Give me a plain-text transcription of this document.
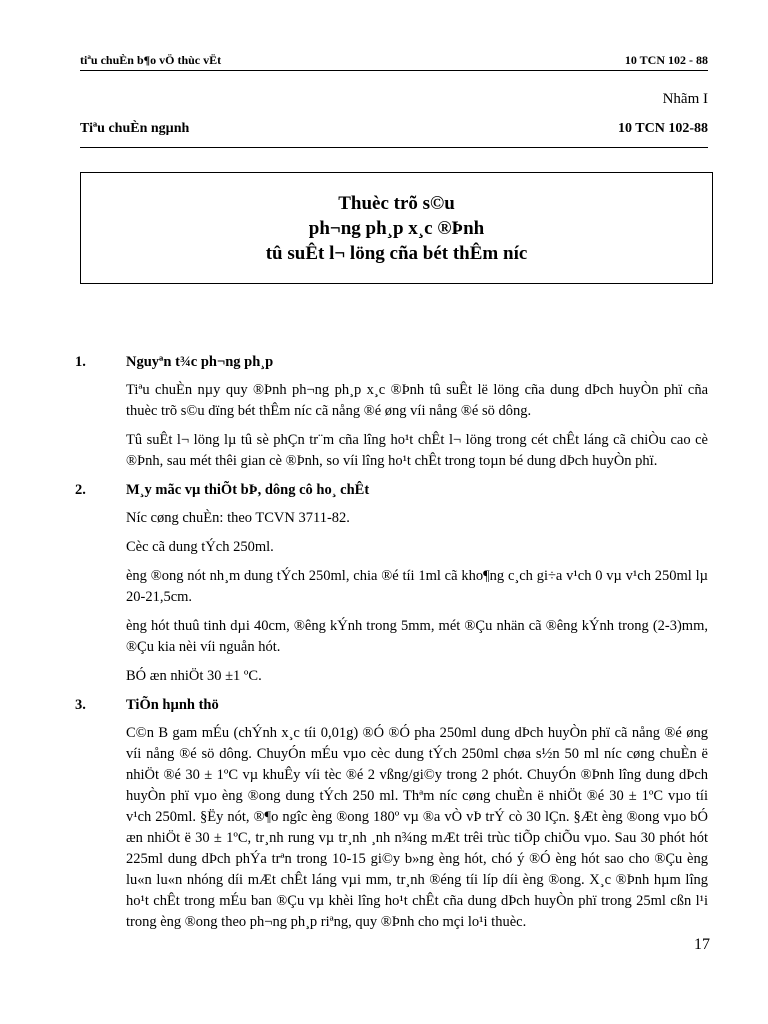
tiªu chuÈn b¶o vÖ thùc vËt	10 TCN 102 - 88
Nhãm I
Tiªu chuÈn ngµnh	10 TCN 102-88
Thuèc trõ s©u
ph¬ng ph¸p x¸c ®Þnh
tû suÊt l¬ löng cña bét thÊm níc
1.	Nguyªn t¾c ph¬ng ph¸p

Tiªu chuÈn nµy quy ®Þnh ph¬ng ph¸p x¸c ®Þnh tû suÊt lë löng cña dung dÞch huyÒn phï cña thuèc trõ s©u dïng bét thÊm níc cã nång ®é øng víi nång ®é sö dông.

Tû suÊt l¬ löng lµ tû sè phÇn tr¨m cña lîng ho¹t chÊt l¬ löng trong cét chÊt láng cã chiÒu cao cè ®Þnh, sau mét thêi gian cè ®Þnh, so víi lîng ho¹t chÊt trong toµn bé dung dÞch huyÒn phï.

2.	M¸y mãc vµ thiÕt bÞ, dông cô ho¸ chÊt

Níc cøng chuÈn: theo TCVN 3711-82.

Cèc cã dung tÝch 250ml.

èng ®ong nót nh¸m dung tÝch 250ml, chia ®é tíi 1ml cã kho¶ng c¸ch gi÷a v¹ch 0 vµ v¹ch 250ml lµ 20-21,5cm.

èng hót thuû tinh dµi 40cm, ®êng kÝnh trong 5mm, mét ®Çu nhän cã ®êng kÝnh trong (2-3)mm, ®Çu kia nèi víi nguån hót.

BÓ æn nhiÖt 30 ±1 ºC.

3.	TiÕn hµnh thö

C©n B gam mÉu (chÝnh x¸c tíi 0,01g) ®Ó ®Ó pha 250ml dung dÞch huyÒn phï cã nång ®é øng víi nång ®é sö dông. ChuyÓn mÉu vµo cèc dung tÝch 250ml chøa s½n 50 ml níc cøng chuÈn ë nhiÖt ®é 30 ± 1ºC vµ khuÊy víi tèc ®é 2 vßng/gi©y trong 2 phót. ChuyÓn ®Þnh lîng dung dÞch huyÒn phï vµo èng ®ong dung tÝch 250 ml. Thªm níc cøng chuÈn ë nhiÖt ®é 30 ± 1ºC vµo tíi v¹ch 250ml. §Ëy nót, ®¶o ngîc èng ®ong 180º vµ ®a vÒ vÞ trÝ cò 30 lÇn. §Æt èng ®ong vµo bÓ æn nhiÖt ë 30 ± 1ºC, tr¸nh rung vµ tr¸nh ¸nh n¾ng mÆt trêi trùc tiÕp chiÕu vµo. Sau 30 phót hót 225ml dung dÞch phÝa trªn trong 10-15 gi©y b»ng èng hót, chó ý ®Ó èng hót sao cho ®Çu èng lu«n lu«n nhóng díi mÆt chÊt láng vµi mm, tr¸nh ®éng tíi líp díi èng ®ong. X¸c ®Þnh hµm lîng ho¹t chÊt trong mÉu ban ®Çu vµ khèi lîng ho¹t chÊt cña dung dÞch huyÒn phï trong 25ml cßn l¹i trong èng ®ong theo ph¬ng ph¸p riªng, quy ®Þnh cho mçi lo¹i thuèc.

17
